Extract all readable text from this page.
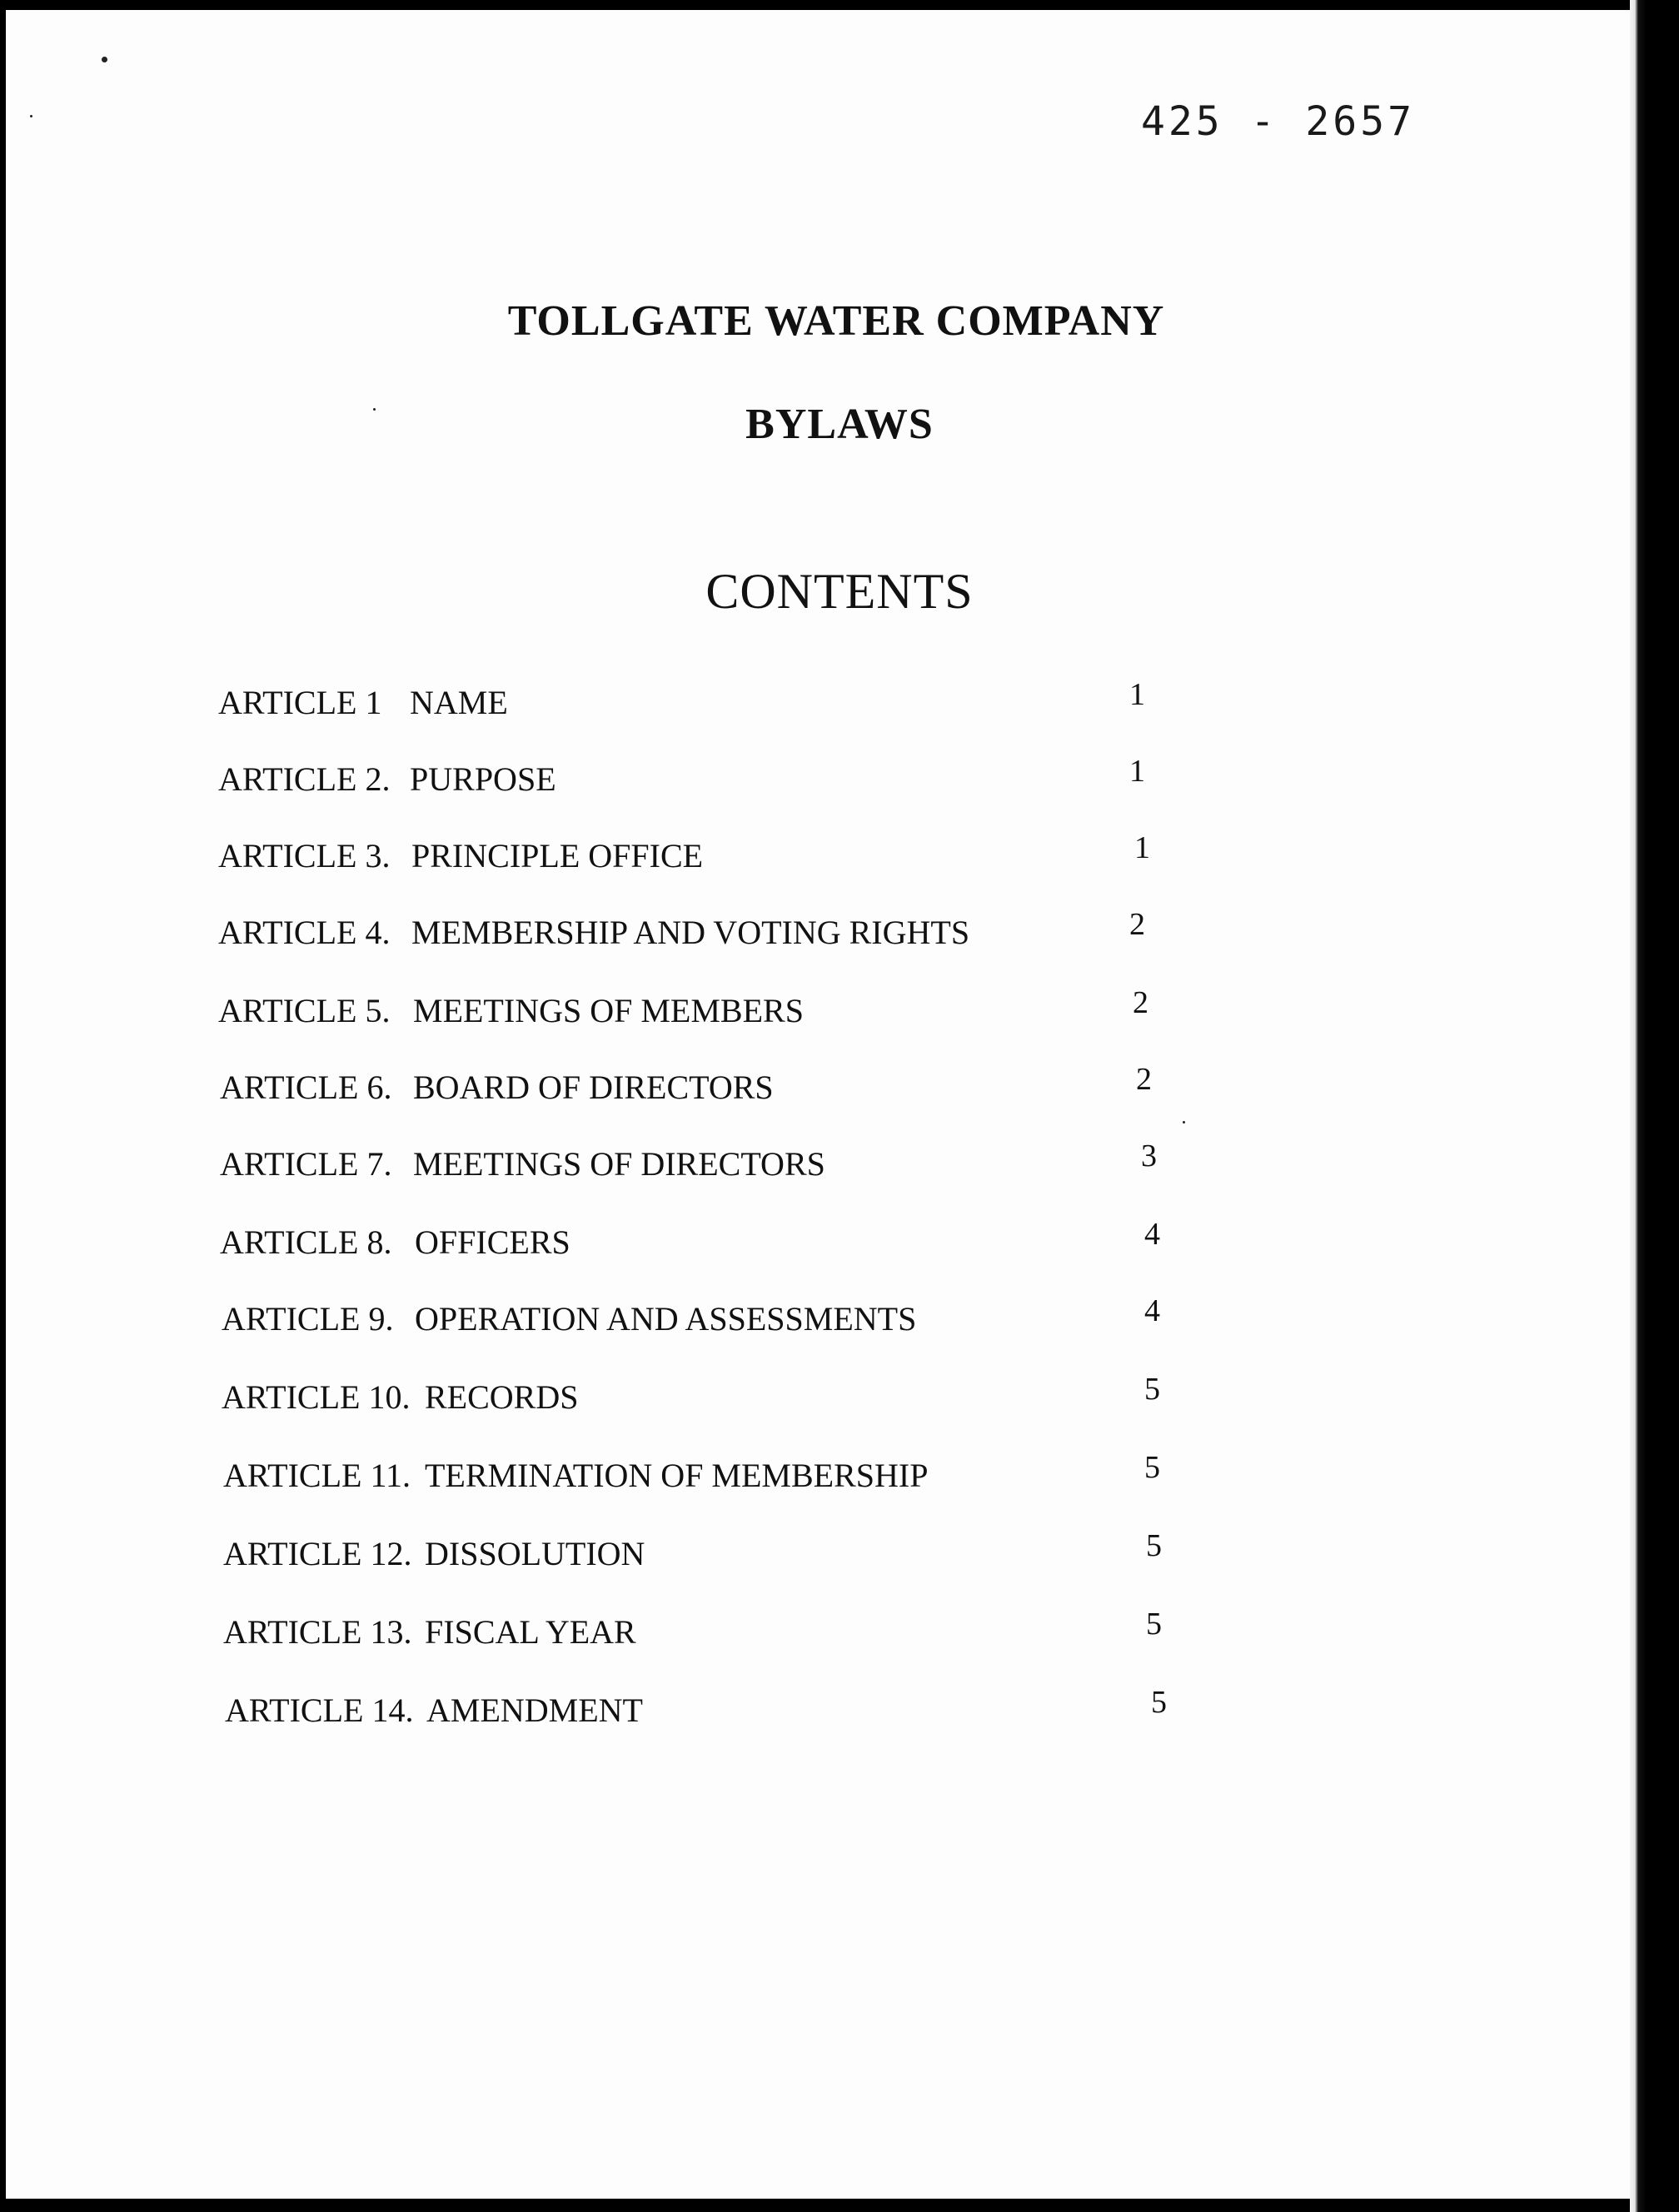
425 - 2657
TOLLGATE WATER COMPANY
BYLAWS
CONTENTS
ARTICLE 1 NAME	1
ARTICLE 2. PURPOSE	1
ARTICLE 3. PRINCIPLE OFFICE	1
ARTICLE 4. MEMBERSHIP AND VOTING RIGHTS	2
ARTICLE 5. MEETINGS OF MEMBERS	2
ARTICLE 6. BOARD OF DIRECTORS	2
ARTICLE 7. MEETINGS OF DIRECTORS	3
ARTICLE 8. OFFICERS	4
ARTICLE 9. OPERATION AND ASSESSMENTS	4
ARTICLE 10. RECORDS	5
ARTICLE 11. TERMINATION OF MEMBERSHIP	5
ARTICLE 12. DISSOLUTION	5
ARTICLE 13. FISCAL YEAR	5
ARTICLE 14. AMENDMENT	5
